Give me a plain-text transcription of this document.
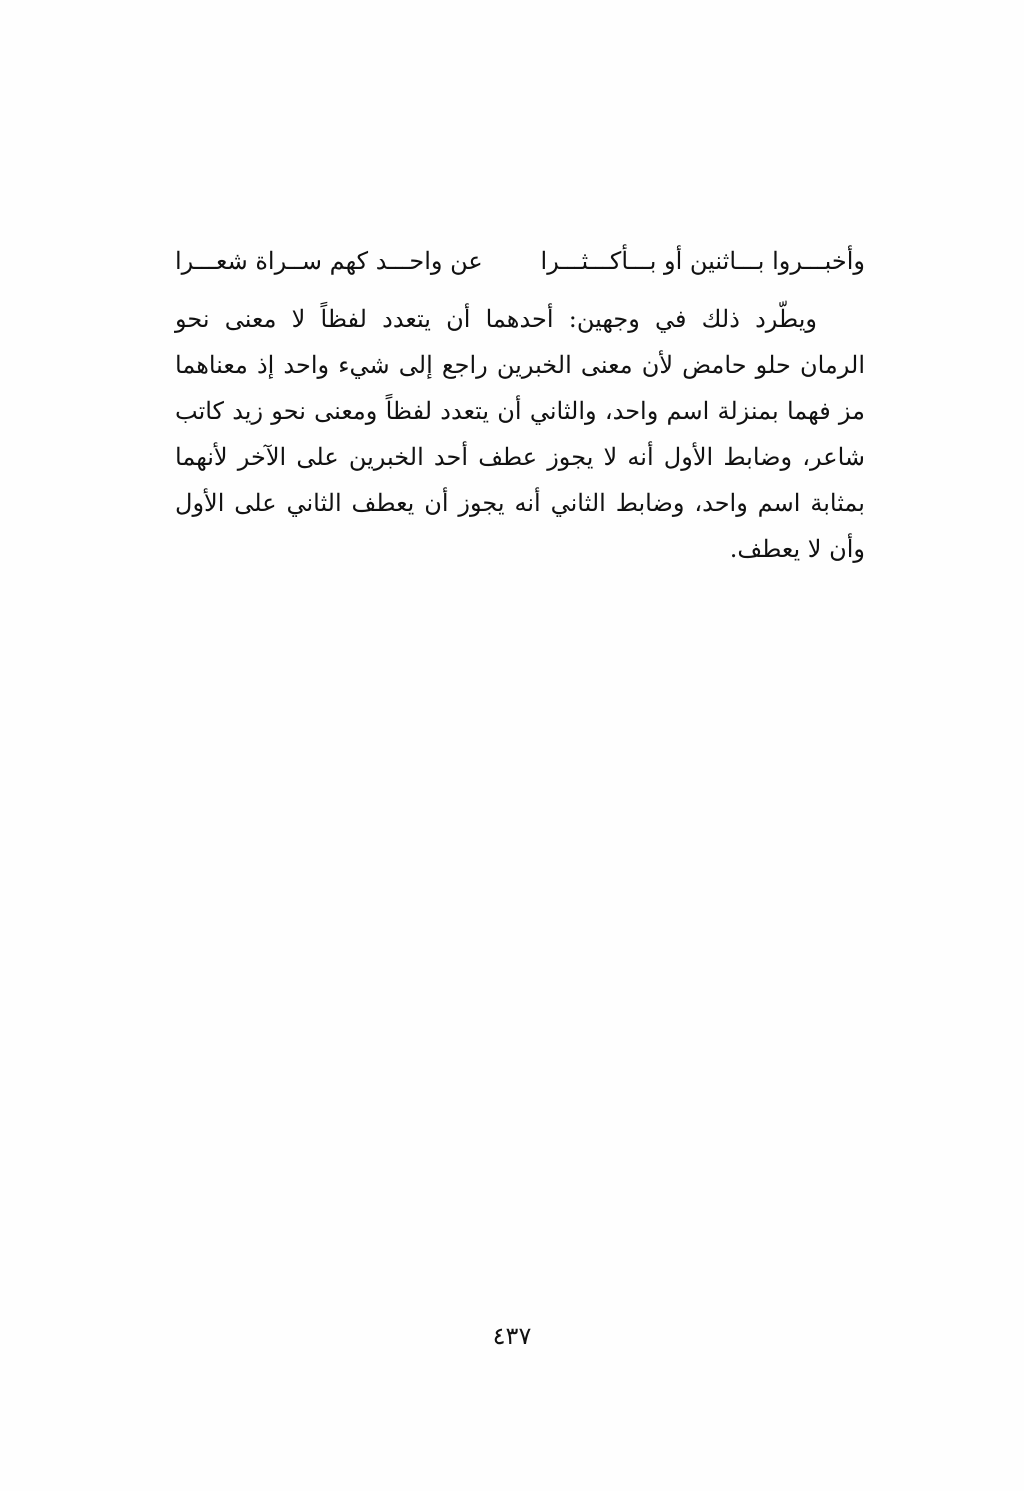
وأخبـــروا بـــاثنين أو بـــأكـــثـــرا
عن واحـــد كهم ســراة شعـــرا
ويطّرد ذلك في وجهين: أحدهما أن يتعدد لفظاً لا معنى نحو
الرمان حلو حامض لأن معنى الخبرين راجع إلى شيء واحد إذ معناهما
مز فهما بمنزلة اسم واحد، والثاني أن يتعدد لفظاً ومعنى نحو زيد كاتب
شاعر، وضابط الأول أنه لا يجوز عطف أحد الخبرين على الآخر لأنهما
بمثابة اسم واحد، وضابط الثاني أنه يجوز أن يعطف الثاني على الأول
وأن لا يعطف.
٤٣٧
